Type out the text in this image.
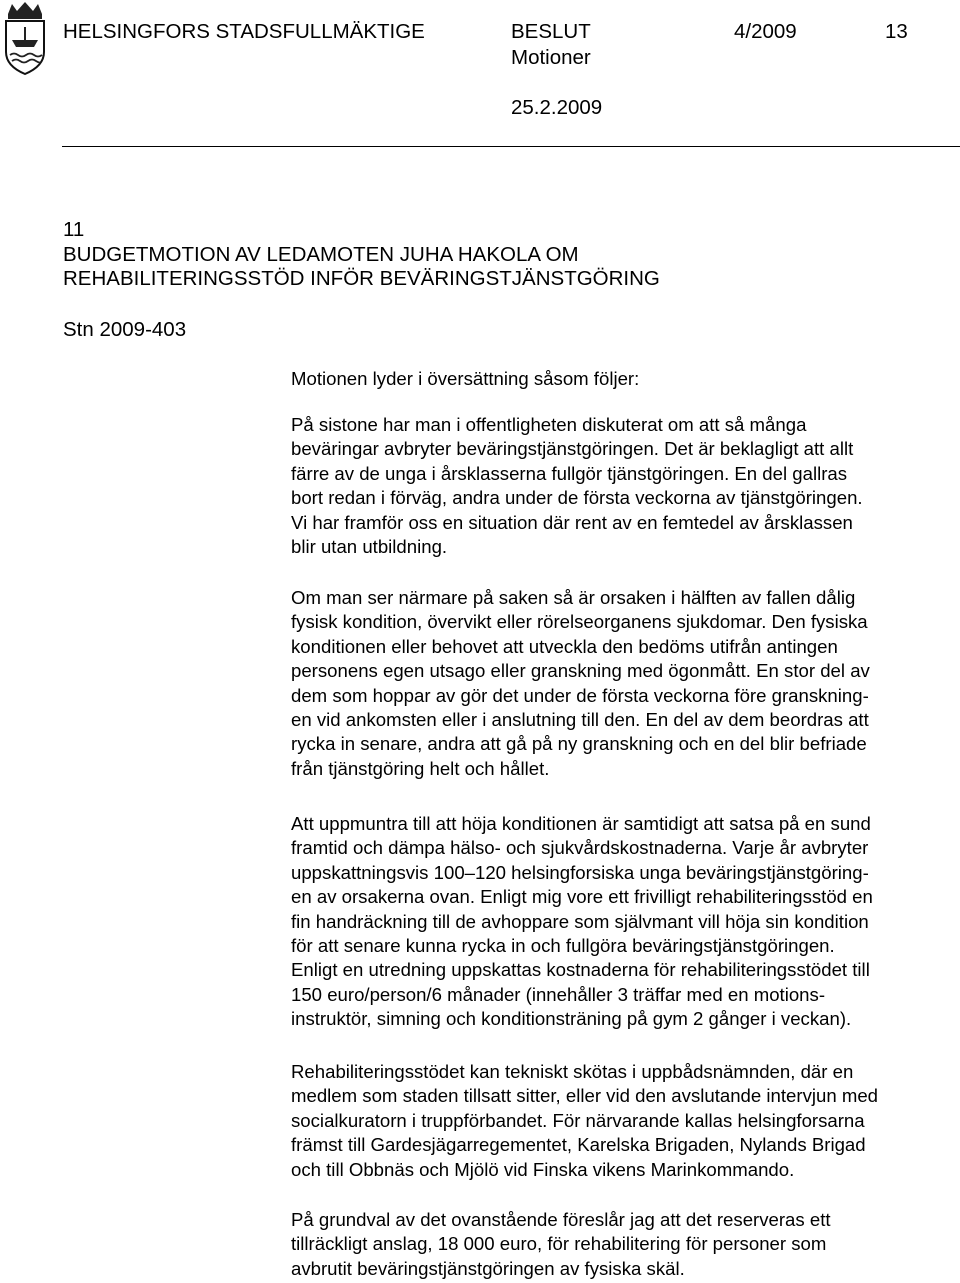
HELSINGFORS STADSFULLMÄKTIGE	BESLUT
Motioner
4/2009	13
25.2.2009
11
BUDGETMOTION AV LEDAMOTEN JUHA HAKOLA OM
REHABILITERINGSSTÖD INFÖR BEVÄRINGSTJÄNSTGÖRING
Stn 2009-403
Motionen lyder i översättning såsom följer:
På sistone har man i offentligheten diskuterat om att så många
beväringar avbryter beväringstjänstgöringen. Det är beklagligt att allt
färre av de unga i årsklasserna fullgör tjänstgöringen. En del gallras
bort redan i förväg, andra under de första veckorna av tjänstgöringen.
Vi har framför oss en situation där rent av en femtedel av årsklassen
blir utan utbildning.
Om man ser närmare på saken så är orsaken i hälften av fallen dålig
fysisk kondition, övervikt eller rörelseorganens sjukdomar. Den fysiska
konditionen eller behovet att utveckla den bedöms utifrån antingen
personens egen utsago eller granskning med ögonmått. En stor del av
dem som hoppar av gör det under de första veckorna före granskning-
en vid ankomsten eller i anslutning till den. En del av dem beordras att
rycka in senare, andra att gå på ny granskning och en del blir befriade
från tjänstgöring helt och hållet.
Att uppmuntra till att höja konditionen är samtidigt att satsa på en sund
framtid och dämpa hälso- och sjukvårdskostnaderna. Varje år avbryter
uppskattningsvis 100–120 helsingforsiska unga beväringstjänstgöring-
en av orsakerna ovan. Enligt mig vore ett frivilligt rehabiliteringsstöd en
fin handräckning till de avhoppare som självmant vill höja sin kondition
för att senare kunna rycka in och fullgöra beväringstjänstgöringen.
Enligt en utredning uppskattas kostnaderna för rehabiliteringsstödet till
150 euro/person/6 månader (innehåller 3 träffar med en motions-
instruktör, simning och konditionsträning på gym 2 gånger i veckan).
Rehabiliteringsstödet kan tekniskt skötas i uppbådsnämnden, där en
medlem som staden tillsatt sitter, eller vid den avslutande intervjun med
socialkuratorn i truppförbandet. För närvarande kallas helsingforsarna
främst till Gardesjägarregementet, Karelska Brigaden, Nylands Brigad
och till Obbnäs och Mjölö vid Finska vikens Marinkommando.
På grundval av det ovanstående föreslår jag att det reserveras ett
tillräckligt anslag, 18 000 euro, för rehabilitering för personer som
avbrutit beväringstjänstgöringen av fysiska skäl.
